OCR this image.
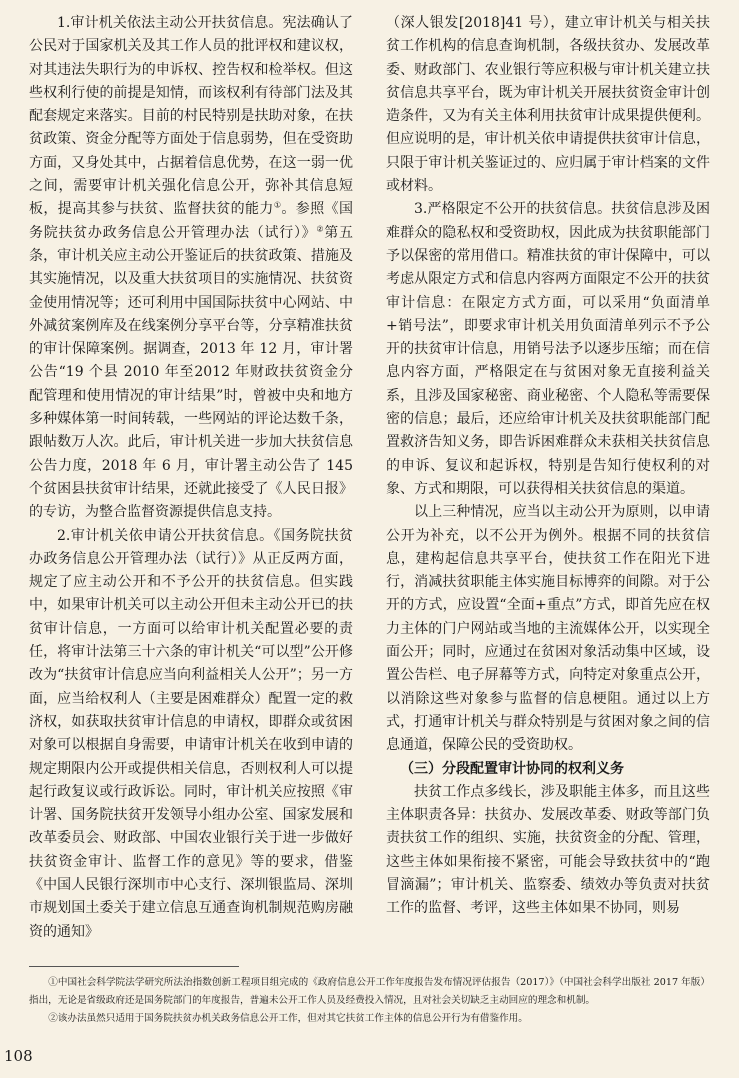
1.审计机关依法主动公开扶贫信息。宪法确认了公民对于国家机关及其工作人员的批评权和建议权，对其违法失职行为的申诉权、控告权和检举权。但这些权利行使的前提是知情，而该权利有待部门法及其配套规定来落实。目前的村民特别是扶助对象，在扶贫政策、资金分配等方面处于信息弱势，但在受资助方面，又身处其中，占据着信息优势，在这一弱一优之间，需要审计机关强化信息公开，弥补其信息短板，提高其参与扶贫、监督扶贫的能力①。参照《国务院扶贫办政务信息公开管理办法（试行）》②第五条，审计机关应主动公开鉴证后的扶贫政策、措施及其实施情况，以及重大扶贫项目的实施情况、扶贫资金使用情况等；还可利用中国国际扶贫中心网站、中外减贫案例库及在线案例分享平台等，分享精准扶贫的审计保障案例。据调查，2013 年 12 月，审计署公告“19 个县 2010 年至2012 年财政扶贫资金分配管理和使用情况的审计结果”时，曾被中央和地方多种媒体第一时间转载，一些网站的评论达数千条，跟帖数万人次。此后，审计机关进一步加大扶贫信息公告力度，2018 年 6 月，审计署主动公告了 145 个贫困县扶贫审计结果，还就此接受了《人民日报》的专访，为整合监督资源提供信息支持。

2.审计机关依申请公开扶贫信息。《国务院扶贫办政务信息公开管理办法（试行）》从正反两方面，规定了应主动公开和不予公开的扶贫信息。但实践中，如果审计机关可以主动公开但未主动公开已的扶贫审计信息，一方面可以给审计机关配置必要的责任，将审计法第三十六条的审计机关“可以型”公开修改为“扶贫审计信息应当向利益相关人公开”；另一方面，应当给权利人（主要是困难群众）配置一定的救济权，如获取扶贫审计信息的申请权，即群众或贫困对象可以根据自身需要，申请审计机关在收到申请的规定期限内公开或提供相关信息，否则权利人可以提起行政复议或行政诉讼。同时，审计机关应按照《审计署、国务院扶贫开发领导小组办公室、国家发展和改革委员会、财政部、中国农业银行关于进一步做好扶贫资金审计、监督工作的意见》等的要求，借鉴《中国人民银行深圳市中心支行、深圳银监局、深圳市规划国土委关于建立信息互通查询机制规范购房融资的通知》

（深人银发[2018]41 号），建立审计机关与相关扶贫工作机构的信息查询机制，各级扶贫办、发展改革委、财政部门、农业银行等应积极与审计机关建立扶贫信息共享平台，既为审计机关开展扶贫资金审计创造条件，又为有关主体利用扶贫审计成果提供便利。但应说明的是，审计机关依申请提供扶贫审计信息，只限于审计机关鉴证过的、应归属于审计档案的文件或材料。

3.严格限定不公开的扶贫信息。扶贫信息涉及困难群众的隐私权和受资助权，因此成为扶贫职能部门予以保密的常用借口。精准扶贫的审计保障中，可以考虑从限定方式和信息内容两方面限定不公开的扶贫审计信息：在限定方式方面，可以采用“负面清单+销号法”，即要求审计机关用负面清单列示不予公开的扶贫审计信息，用销号法予以逐步压缩；而在信息内容方面，严格限定在与贫困对象无直接利益关系，且涉及国家秘密、商业秘密、个人隐私等需要保密的信息；最后，还应给审计机关及扶贫职能部门配置救济告知义务，即告诉困难群众未获相关扶贫信息的申诉、复议和起诉权，特别是告知行使权利的对象、方式和期限，可以获得相关扶贫信息的渠道。

以上三种情况，应当以主动公开为原则，以申请公开为补充，以不公开为例外。根据不同的扶贫信息，建构起信息共享平台，使扶贫工作在阳光下进行，消减扶贫职能主体实施目标博弈的间隙。对于公开的方式，应设置“全面+重点”方式，即首先应在权力主体的门户网站或当地的主流媒体公开，以实现全面公开；同时，应通过在贫困对象活动集中区域，设置公告栏、电子屏幕等方式，向特定对象重点公开，以消除这些对象参与监督的信息梗阻。通过以上方式，打通审计机关与群众特别是与贫困对象之间的信息通道，保障公民的受资助权。

（三）分段配置审计协同的权利义务

扶贫工作点多线长，涉及职能主体多，而且这些主体职责各异：扶贫办、发展改革委、财政等部门负责扶贫工作的组织、实施，扶贫资金的分配、管理，这些主体如果衔接不紧密，可能会导致扶贫中的“跑冒滴漏”；审计机关、监察委、绩效办等负责对扶贫工作的监督、考评，这些主体如果不协同，则易

①中国社会科学院法学研究所法治指数创新工程项目组完成的《政府信息公开工作年度报告发布情况评估报告（2017）》（中国社会科学出版社 2017 年版）指出，无论是省级政府还是国务院部门的年度报告，普遍未公开工作人员及经费投入情况，且对社会关切缺乏主动回应的理念和机制。

②该办法虽然只适用于国务院扶贫办机关政务信息公开工作，但对其它扶贫工作主体的信息公开行为有借鉴作用。

108
